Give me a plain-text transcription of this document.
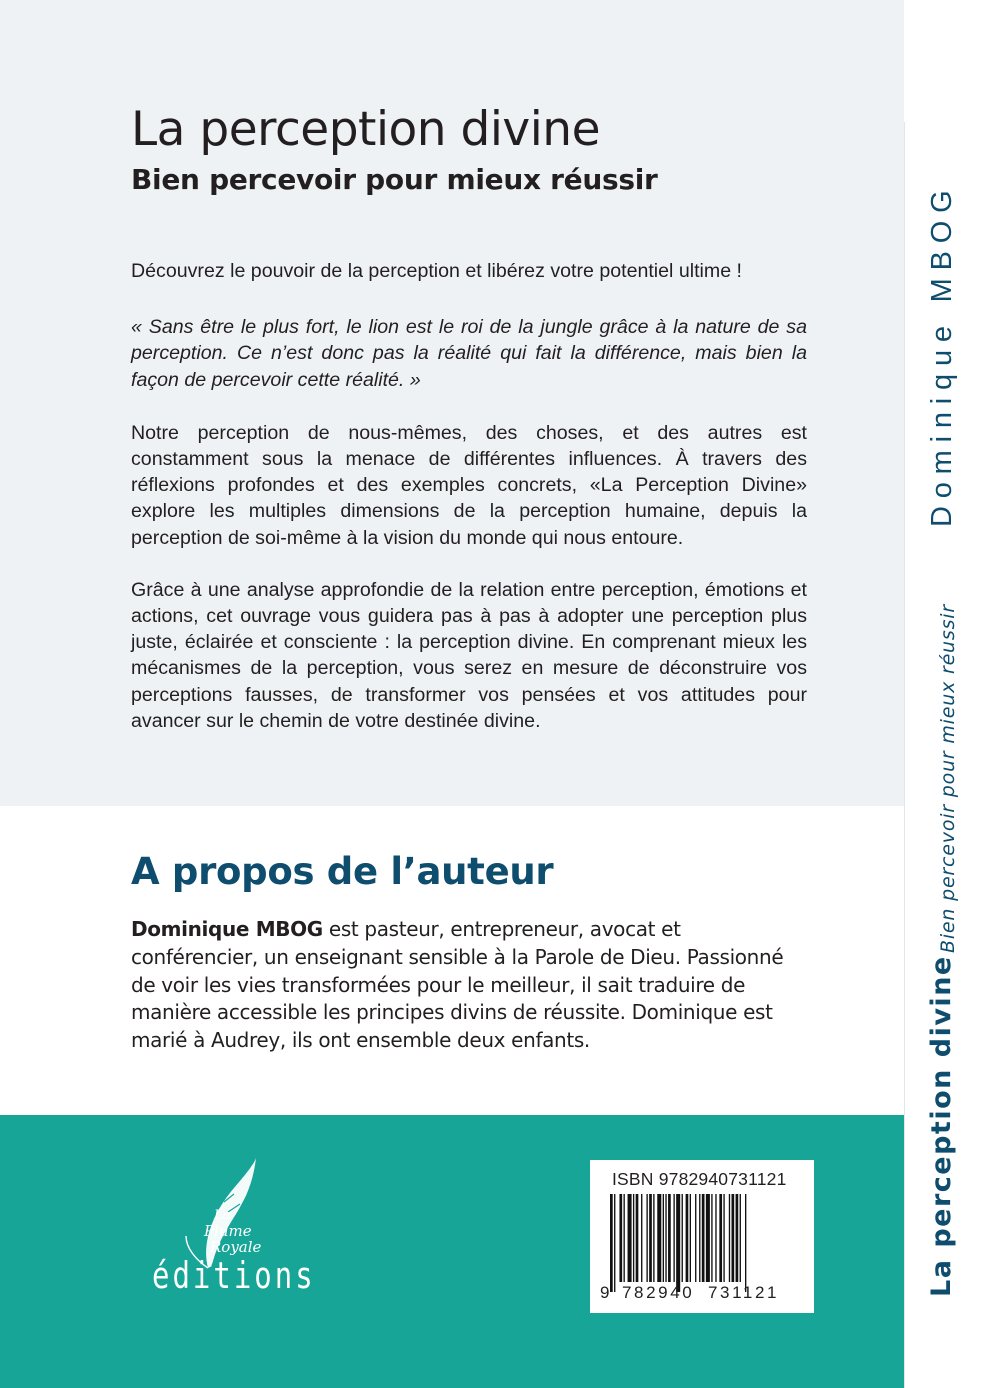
La perception divine
Bien percevoir pour mieux réussir

Découvrez le pouvoir de la perception et libérez votre potentiel ultime !

« Sans être le plus fort, le lion est le roi de la jungle grâce à la nature de sa perception. Ce n’est donc pas la réalité qui fait la différence, mais bien la façon de percevoir cette réalité. »

Notre perception de nous-mêmes, des choses, et des autres est constamment sous la menace de différentes influences. À travers des réflexions profondes et des exemples concrets, «La Perception Divine» explore les multiples dimensions de la perception humaine, depuis la perception de soi-même à la vision du monde qui nous entoure.

Grâce à une analyse approfondie de la relation entre perception, émotions et actions, cet ouvrage vous guidera pas à pas à adopter une perception plus juste, éclairée et consciente : la perception divine. En comprenant mieux les mécanismes de la perception, vous serez en mesure de déconstruire vos perceptions fausses, de transformer vos pensées et vos attitudes pour avancer sur le chemin de votre destinée divine.

A propos de l’auteur

Dominique MBOG est pasteur, entrepreneur, avocat et conférencier, un enseignant sensible à la Parole de Dieu. Passionné de voir les vies transformées pour le meilleur, il sait traduire de manière accessible les principes divins de réussite. Dominique est marié à Audrey, ils ont ensemble deux enfants.

La
Plume
Royale
éditions
ISBN 9782940731121
9 782940 731121
Dominique MBOG
Bien percevoir pour mieux réussir
La perception divine
